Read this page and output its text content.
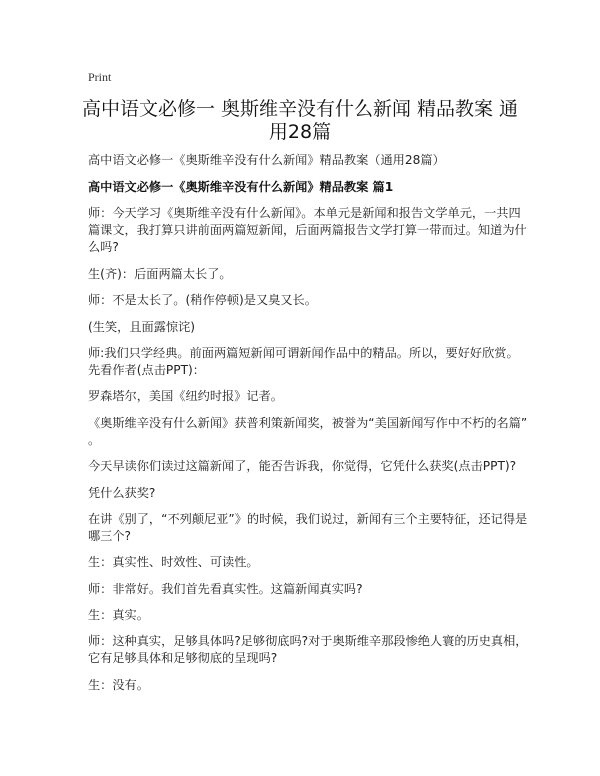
Print
高中语文必修一 奥斯维辛没有什么新闻 精品教案 通
用28篇

高中语文必修一《奥斯维辛没有什么新闻》精品教案（通用28篇）

高中语文必修一《奥斯维辛没有什么新闻》精品教案 篇1

师：今天学习《奥斯维辛没有什么新闻》。本单元是新闻和报告文学单元，一共四
篇课文，我打算只讲前面两篇短新闻，后面两篇报告文学打算一带而过。知道为什
么吗?

生(齐)：后面两篇太长了。

师：不是太长了。(稍作停顿)是又臭又长。

(生笑，且面露惊诧)

师:我们只学经典。前面两篇短新闻可谓新闻作品中的精品。所以，要好好欣赏。
先看作者(点击PPT)：

罗森塔尔，美国《纽约时报》记者。

《奥斯维辛没有什么新闻》获普利策新闻奖，被誉为“美国新闻写作中不朽的名篇”
。

今天早读你们读过这篇新闻了，能否告诉我，你觉得，它凭什么获奖(点击PPT)?

凭什么获奖?

在讲《别了，“不列颠尼亚”》的时候，我们说过，新闻有三个主要特征，还记得是
哪三个?

生：真实性、时效性、可读性。

师：非常好。我们首先看真实性。这篇新闻真实吗?

生：真实。

师：这种真实，足够具体吗?足够彻底吗?对于奥斯维辛那段惨绝人寰的历史真相，
它有足够具体和足够彻底的呈现吗?

生：没有。
